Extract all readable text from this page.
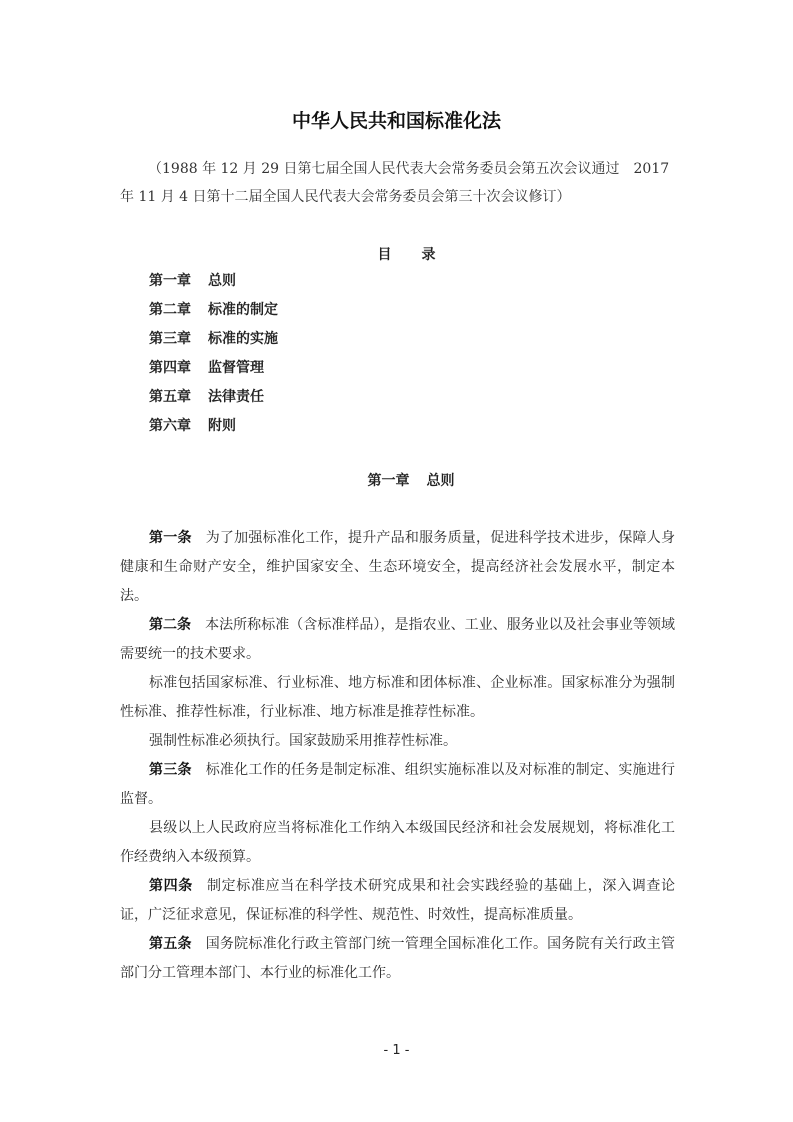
中华人民共和国标准化法

（1988 年 12 月 29 日第七届全国人民代表大会常务委员会第五次会议通过　2017 年 11 月 4 日第十二届全国人民代表大会常务委员会第三十次会议修订）

目 录
第一章 总则
第二章 标准的制定
第三章 标准的实施
第四章 监督管理
第五章 法律责任
第六章 附则
第一章 总则

第一条 为了加强标准化工作，提升产品和服务质量，促进科学技术进步，保障人身健康和生命财产安全，维护国家安全、生态环境安全，提高经济社会发展水平，制定本法。

第二条 本法所称标准（含标准样品），是指农业、工业、服务业以及社会事业等领域需要统一的技术要求。

标准包括国家标准、行业标准、地方标准和团体标准、企业标准。国家标准分为强制性标准、推荐性标准，行业标准、地方标准是推荐性标准。

强制性标准必须执行。国家鼓励采用推荐性标准。

第三条 标准化工作的任务是制定标准、组织实施标准以及对标准的制定、实施进行监督。

县级以上人民政府应当将标准化工作纳入本级国民经济和社会发展规划，将标准化工作经费纳入本级预算。

第四条 制定标准应当在科学技术研究成果和社会实践经验的基础上，深入调查论证，广泛征求意见，保证标准的科学性、规范性、时效性，提高标准质量。

第五条 国务院标准化行政主管部门统一管理全国标准化工作。国务院有关行政主管部门分工管理本部门、本行业的标准化工作。

- 1 -
